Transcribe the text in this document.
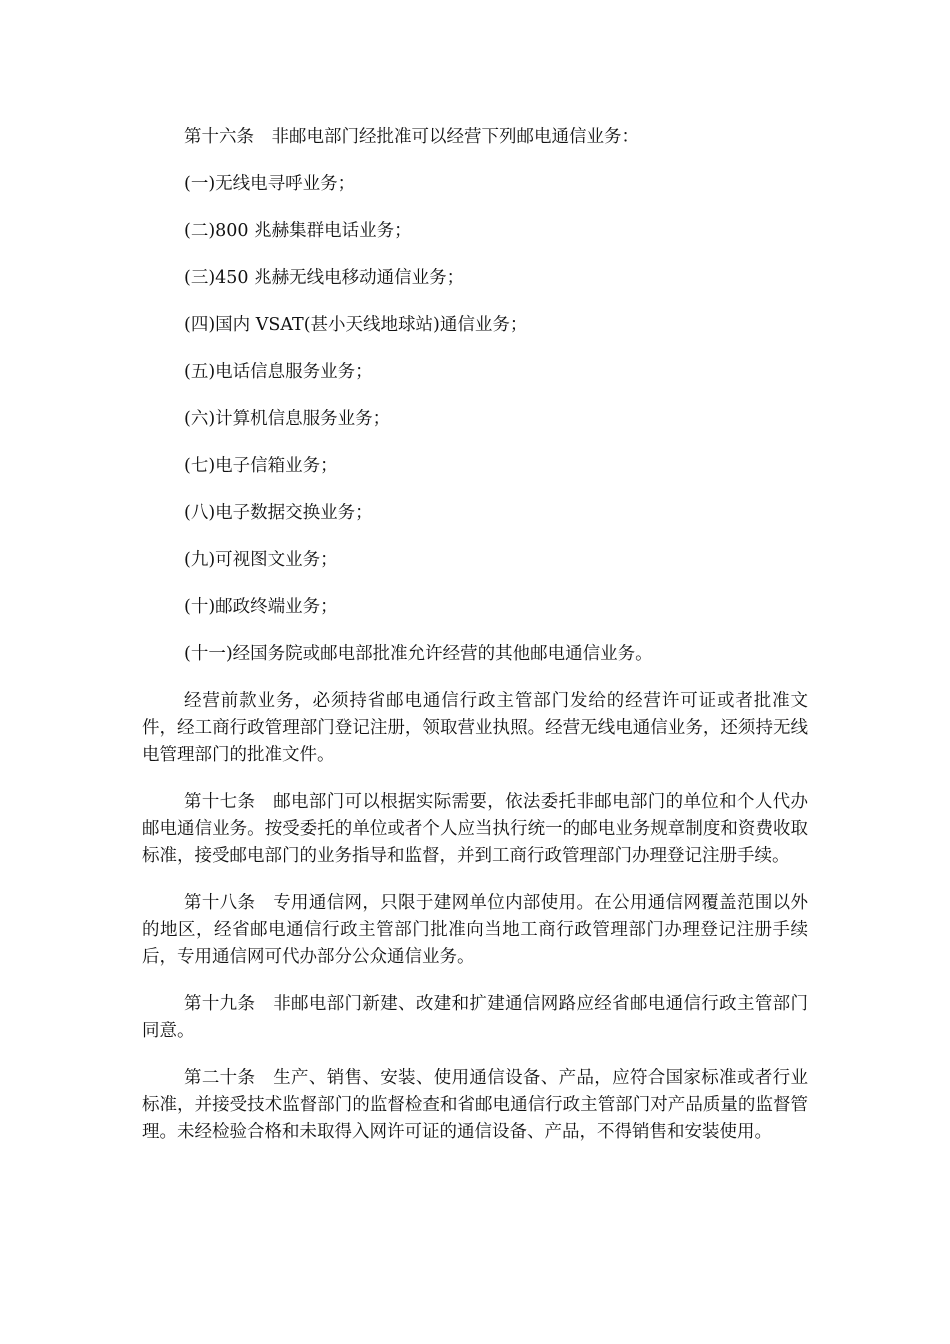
第十六条　非邮电部门经批准可以经营下列邮电通信业务：
(一)无线电寻呼业务；
(二)800 兆赫集群电话业务；
(三)450 兆赫无线电移动通信业务；
(四)国内 VSAT(甚小天线地球站)通信业务；
(五)电话信息服务业务；
(六)计算机信息服务业务；
(七)电子信箱业务；
(八)电子数据交换业务；
(九)可视图文业务；
(十)邮政终端业务；
(十一)经国务院或邮电部批准允许经营的其他邮电通信业务。

经营前款业务，必须持省邮电通信行政主管部门发给的经营许可证或者批准文件，经工商行政管理部门登记注册，领取营业执照。经营无线电通信业务，还须持无线电管理部门的批准文件。

第十七条　邮电部门可以根据实际需要，依法委托非邮电部门的单位和个人代办邮电通信业务。按受委托的单位或者个人应当执行统一的邮电业务规章制度和资费收取标准，接受邮电部门的业务指导和监督，并到工商行政管理部门办理登记注册手续。

第十八条　专用通信网，只限于建网单位内部使用。在公用通信网覆盖范围以外的地区，经省邮电通信行政主管部门批准向当地工商行政管理部门办理登记注册手续后，专用通信网可代办部分公众通信业务。

第十九条　非邮电部门新建、改建和扩建通信网路应经省邮电通信行政主管部门同意。

第二十条　生产、销售、安装、使用通信设备、产品，应符合国家标准或者行业标准，并接受技术监督部门的监督检查和省邮电通信行政主管部门对产品质量的监督管理。未经检验合格和未取得入网许可证的通信设备、产品，不得销售和安装使用。
